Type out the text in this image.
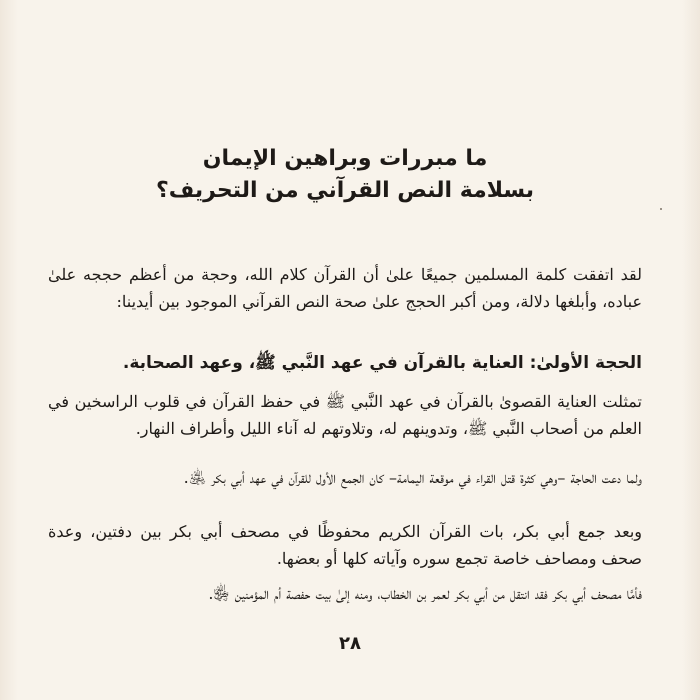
ما مبررات وبراهين الإيمان
بسلامة النص القرآني من التحريف؟
لقد اتفقت كلمة المسلمين جميعًا علىٰ أن القرآن كلام الله، وحجة من أعظم حججه علىٰ عباده، وأبلغها دلالة، ومن أكبر الحجج علىٰ صحة النص القرآني الموجود بين أيدينا:
الحجة الأولىٰ: العناية بالقرآن في عهد النَّبي ﷺ، وعهد الصحابة.
تمثلت العناية القصوىٰ بالقرآن في عهد النَّبي ﷺ في حفظ القرآن في قلوب الراسخين في العلم من أصحاب النَّبي ﷺ، وتدوينهم له، وتلاوتهم له آناء الليل وأطراف النهار.
ولما دعت الحاجة –وهي كثرة قتل القراء في موقعة اليمامة– كان الجمع الأول للقرآن في عهد أبي بكر ﵁.
وبعد جمع أبي بكر، بات القرآن الكريم محفوظًا في مصحف أبي بكر بين دفتين، وعدة صحف ومصاحف خاصة تجمع سوره وآياته كلها أو بعضها.
فأمَّا مصحف أبي بكر فقد انتقل من أبي بكر لعمر بن الخطاب، ومنه إلىٰ بيت حفصة أم المؤمنين ﵂.
٢٨
